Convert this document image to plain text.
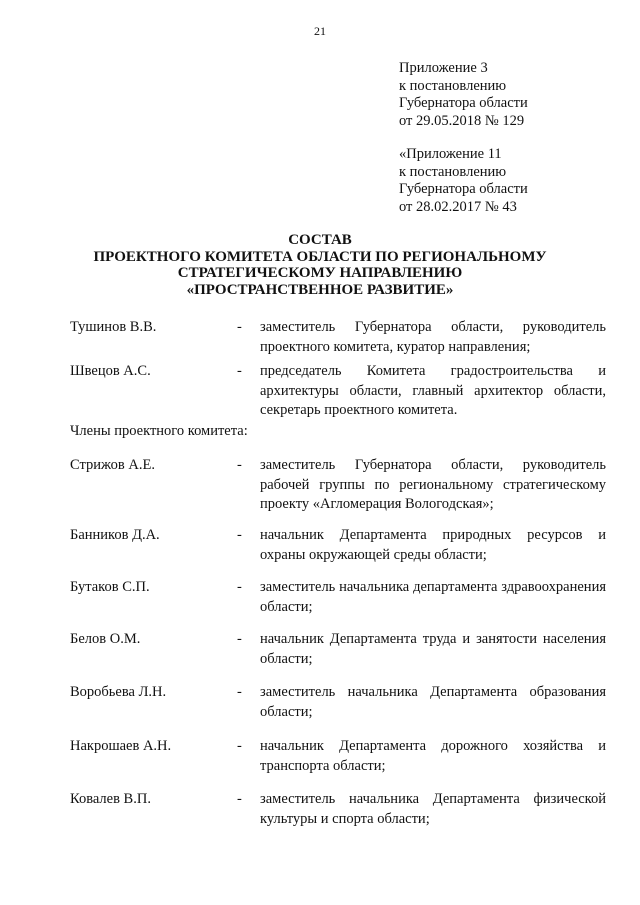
21
Приложение 3
к постановлению
Губернатора области
от 29.05.2018 № 129
«Приложение 11
к постановлению
Губернатора области
от 28.02.2017 № 43
СОСТАВ
ПРОЕКТНОГО КОМИТЕТА ОБЛАСТИ ПО РЕГИОНАЛЬНОМУ
СТРАТЕГИЧЕСКОМУ НАПРАВЛЕНИЮ
«ПРОСТРАНСТВЕННОЕ РАЗВИТИЕ»
Тушинов В.В.	- заместитель Губернатора области, руководитель проектного комитета, куратор направления;
Швецов А.С.	- председатель Комитета градостроительства и архитектуры области, главный архитектор области, секретарь проектного комитета.
Члены проектного комитета:
Стрижов А.Е.	- заместитель Губернатора области, руководитель рабочей группы по региональному стратегическому проекту «Агломерация Вологодская»;
Банников Д.А.	- начальник Департамента природных ресурсов и охраны окружающей среды области;
Бутаков С.П.	- заместитель начальника департамента здравоохранения области;
Белов О.М.	- начальник Департамента труда и занятости населения области;
Воробьева Л.Н.	- заместитель начальника Департамента образования области;
Накрошаев А.Н.	- начальник Департамента дорожного хозяйства и транспорта области;
Ковалев В.П.	- заместитель начальника Департамента физической культуры и спорта области;
